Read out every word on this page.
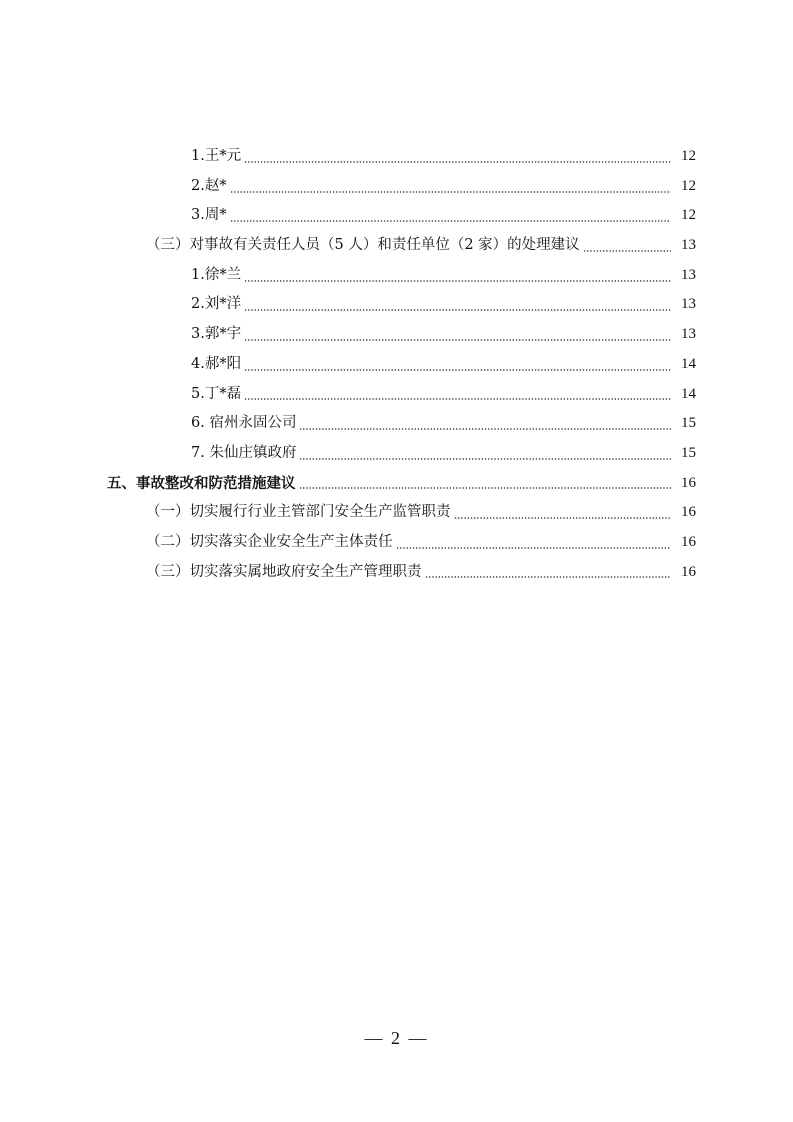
1.王*元	12
2.赵*	12
3.周*	12
（三）对事故有关责任人员（5 人）和责任单位（2 家）的处理建议	13
1.徐*兰	13
2.刘*洋	13
3.郭*宇	13
4.郝*阳	14
5.丁*磊	14
6. 宿州永固公司	15
7. 朱仙庄镇政府	15
五、事故整改和防范措施建议	16
（一）切实履行行业主管部门安全生产监管职责	16
（二）切实落实企业安全生产主体责任	16
（三）切实落实属地政府安全生产管理职责	16
— 2 —
